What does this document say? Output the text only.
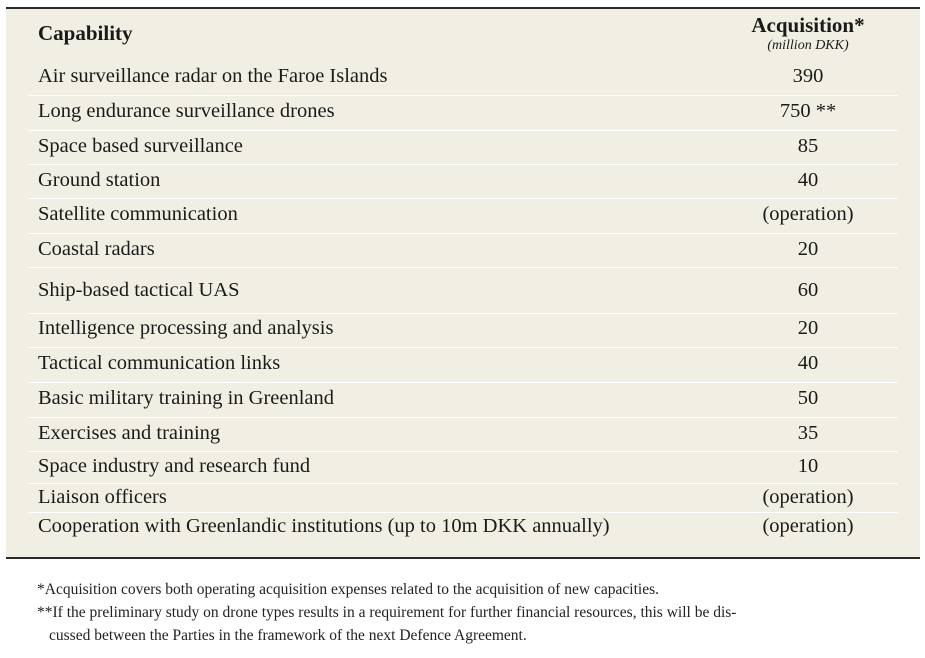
Capability	Acquisition*
(million DKK)
Air surveillance radar on the Faroe Islands	390
Long endurance surveillance drones	750 **
Space based surveillance	85
Ground station	40
Satellite communication	(operation)
Coastal radars	20
Ship-based tactical UAS	60
Intelligence processing and analysis	20
Tactical communication links	40
Basic military training in Greenland	50
Exercises and training	35
Space industry and research fund	10
Liaison officers	(operation)
Cooperation with Greenlandic institutions (up to 10m DKK annually)	(operation)
*Acquisition covers both operating acquisition expenses related to the acquisition of new capacities.
**If the preliminary study on drone types results in a requirement for further financial resources, this will be dis-
cussed between the Parties in the framework of the next Defence Agreement.
